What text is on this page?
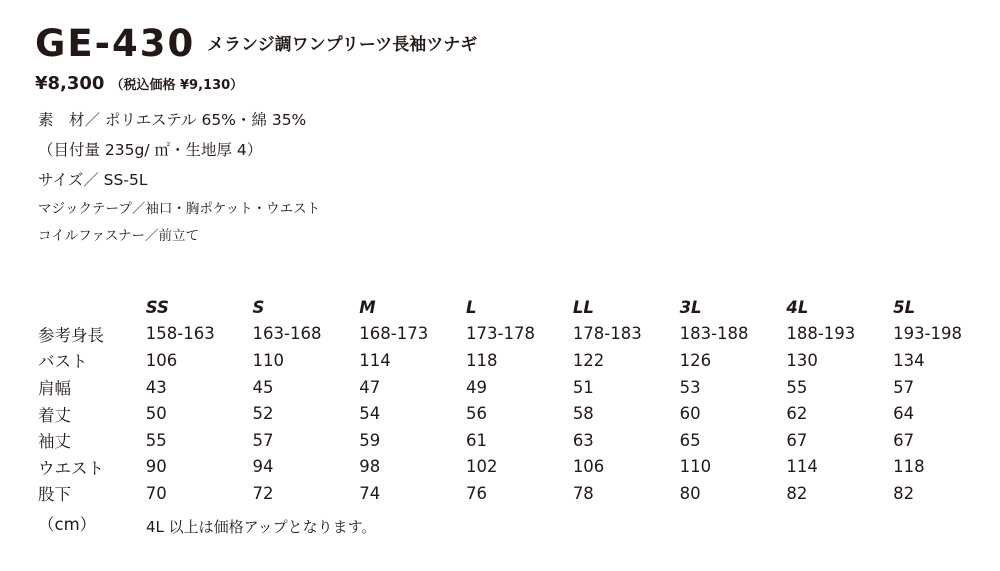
GE-430 メランジ調ワンプリーツ長袖ツナギ
¥8,300 （税込価格 ¥9,130）
素　材／ ポリエステル 65%・綿 35%
（目付量 235g/ ㎡・生地厚 4）
サイズ／ SS-5L
マジックテープ／袖口・胸ポケット・ウエスト
コイルファスナー／前立て
	SS	S	M	L	LL	3L	4L	5L
参考身長	158-163	163-168	168-173	173-178	178-183	183-188	188-193	193-198
バスト	106	110	114	118	122	126	130	134
肩幅	43	45	47	49	51	53	55	57
着丈	50	52	54	56	58	60	62	64
袖丈	55	57	59	61	63	65	67	67
ウエスト	90	94	98	102	106	110	114	118
股下	70	72	74	76	78	80	82	82
（cm）	4L 以上は価格アップとなります。
